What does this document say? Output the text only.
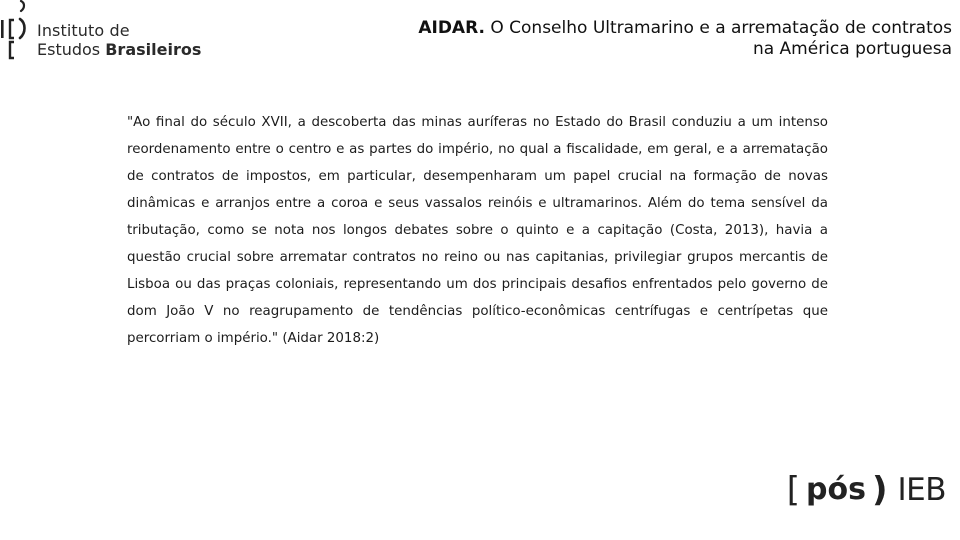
Instituto de
Estudos Brasileiros
AIDAR. O Conselho Ultramarino e a arrematação de contratos na América portuguesa

"Ao final do século XVII, a descoberta das minas auríferas no Estado do Brasil conduziu a um intenso reordenamento entre o centro e as partes do império, no qual a fiscalidade, em geral, e a arrematação de contratos de impostos, em particular, desempenharam um papel crucial na formação de novas dinâmicas e arranjos entre a coroa e seus vassalos reinóis e ultramarinos. Além do tema sensível da tributação, como se nota nos longos debates sobre o quinto e a capitação (Costa, 2013), havia a questão crucial sobre arrematar contratos no reino ou nas capitanias, privilegiar grupos mercantis de Lisboa ou das praças coloniais, representando um dos principais desafios enfrentados pelo governo de dom João V no reagrupamento de tendências político-econômicas centrífugas e centrípetas que percorriam o império." (Aidar 2018:2)

[ pós ) IEB
